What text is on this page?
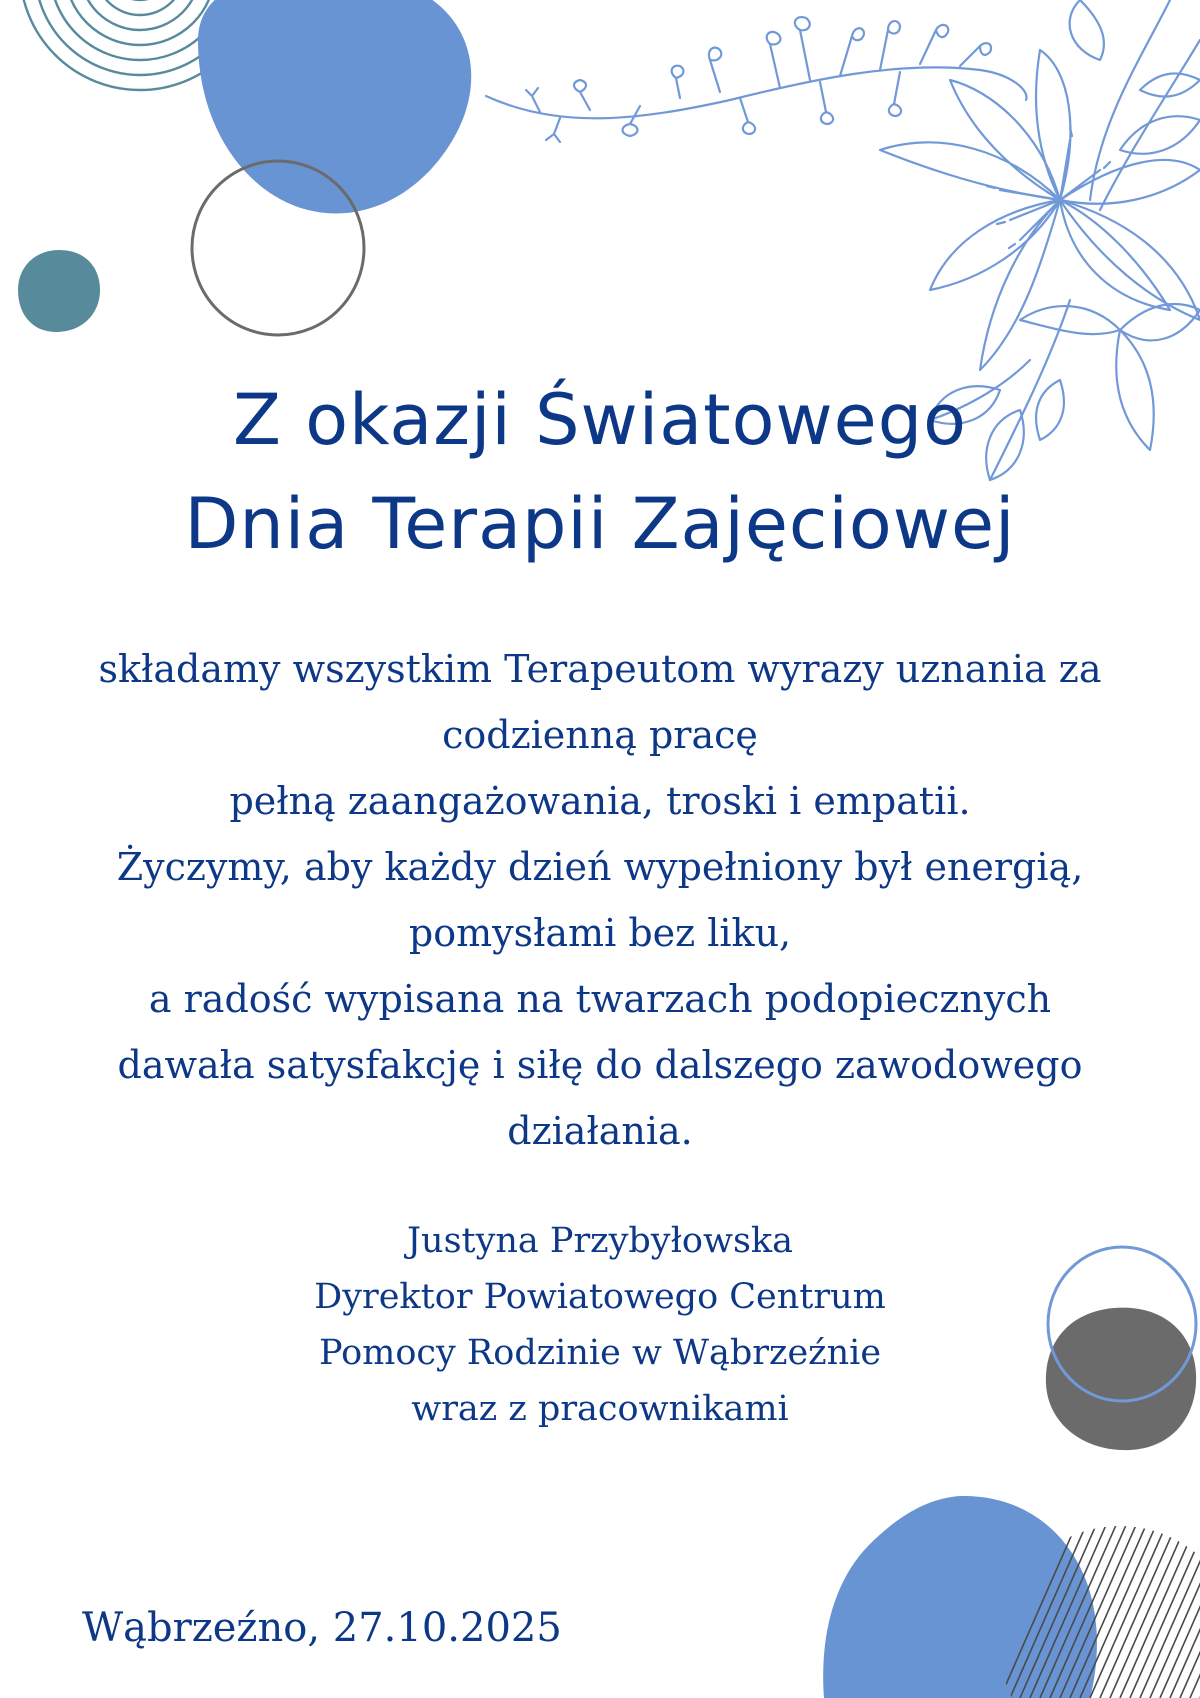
Z okazji Światowego
Dnia Terapii Zajęciowej
składamy wszystkim Terapeutom wyrazy uznania za
codzienną pracę
pełną zaangażowania, troski i empatii.
Życzymy, aby każdy dzień wypełniony był energią,
pomysłami bez liku,
a radość wypisana na twarzach podopiecznych
dawała satysfakcję i siłę do dalszego zawodowego
działania.
Justyna Przybyłowska
Dyrektor Powiatowego Centrum
Pomocy Rodzinie w Wąbrzeźnie
wraz z pracownikami
Wąbrzeźno, 27.10.2025
